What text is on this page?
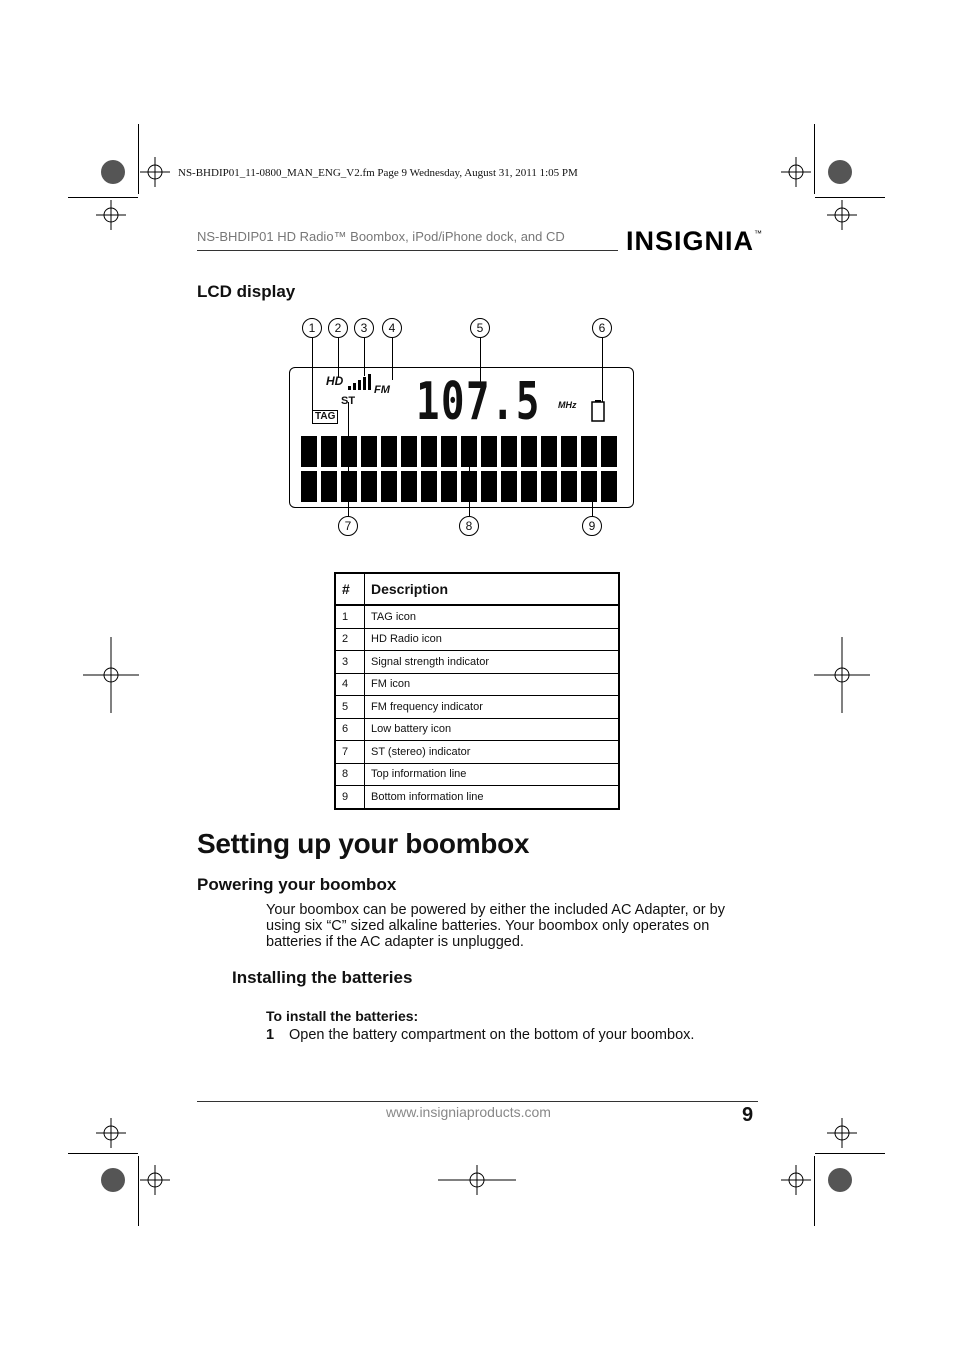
NS-BHDIP01_11-0800_MAN_ENG_V2.fm Page 9 Wednesday, August 31, 2011 1:05 PM
NS-BHDIP01 HD Radio™ Boombox, iPod/iPhone dock, and CD INSIGNIA™
LCD display
1	2	3	4	5	6
7	8	9
HD
FM
ST
TAG 107.5 MHz
#	Description
1	TAG icon
2	HD Radio icon
3	Signal strength indicator
4	FM icon
5	FM frequency indicator
6	Low battery icon
7	ST (stereo) indicator
8	Top information line
9	Bottom information line
Setting up your boombox
Powering your boombox
Your boombox can be powered by either the included AC Adapter, or by using six “C” sized alkaline batteries. Your boombox only operates on batteries if the AC adapter is unplugged.
Installing the batteries
To install the batteries:
1 Open the battery compartment on the bottom of your boombox.
www.insigniaproducts.com	9
